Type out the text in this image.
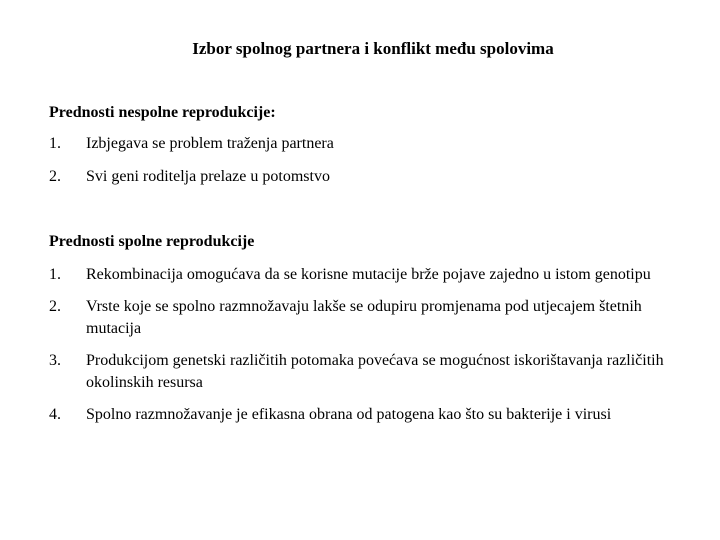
Izbor spolnog partnera i konflikt među spolovima
Prednosti nespolne reprodukcije:
1. Izbjegava se problem traženja partnera
2. Svi geni roditelja prelaze u potomstvo
Prednosti spolne reprodukcije
1. Rekombinacija omogućava da se korisne mutacije brže pojave zajedno u istom genotipu
2. Vrste koje se spolno razmnožavaju lakše se odupiru promjenama pod utjecajem štetnih mutacija
3. Produkcijom genetski različitih potomaka povećava se mogućnost iskorištavanja različitih okolinskih resursa
4. Spolno razmnožavanje je efikasna obrana od patogena kao što su bakterije i virusi
